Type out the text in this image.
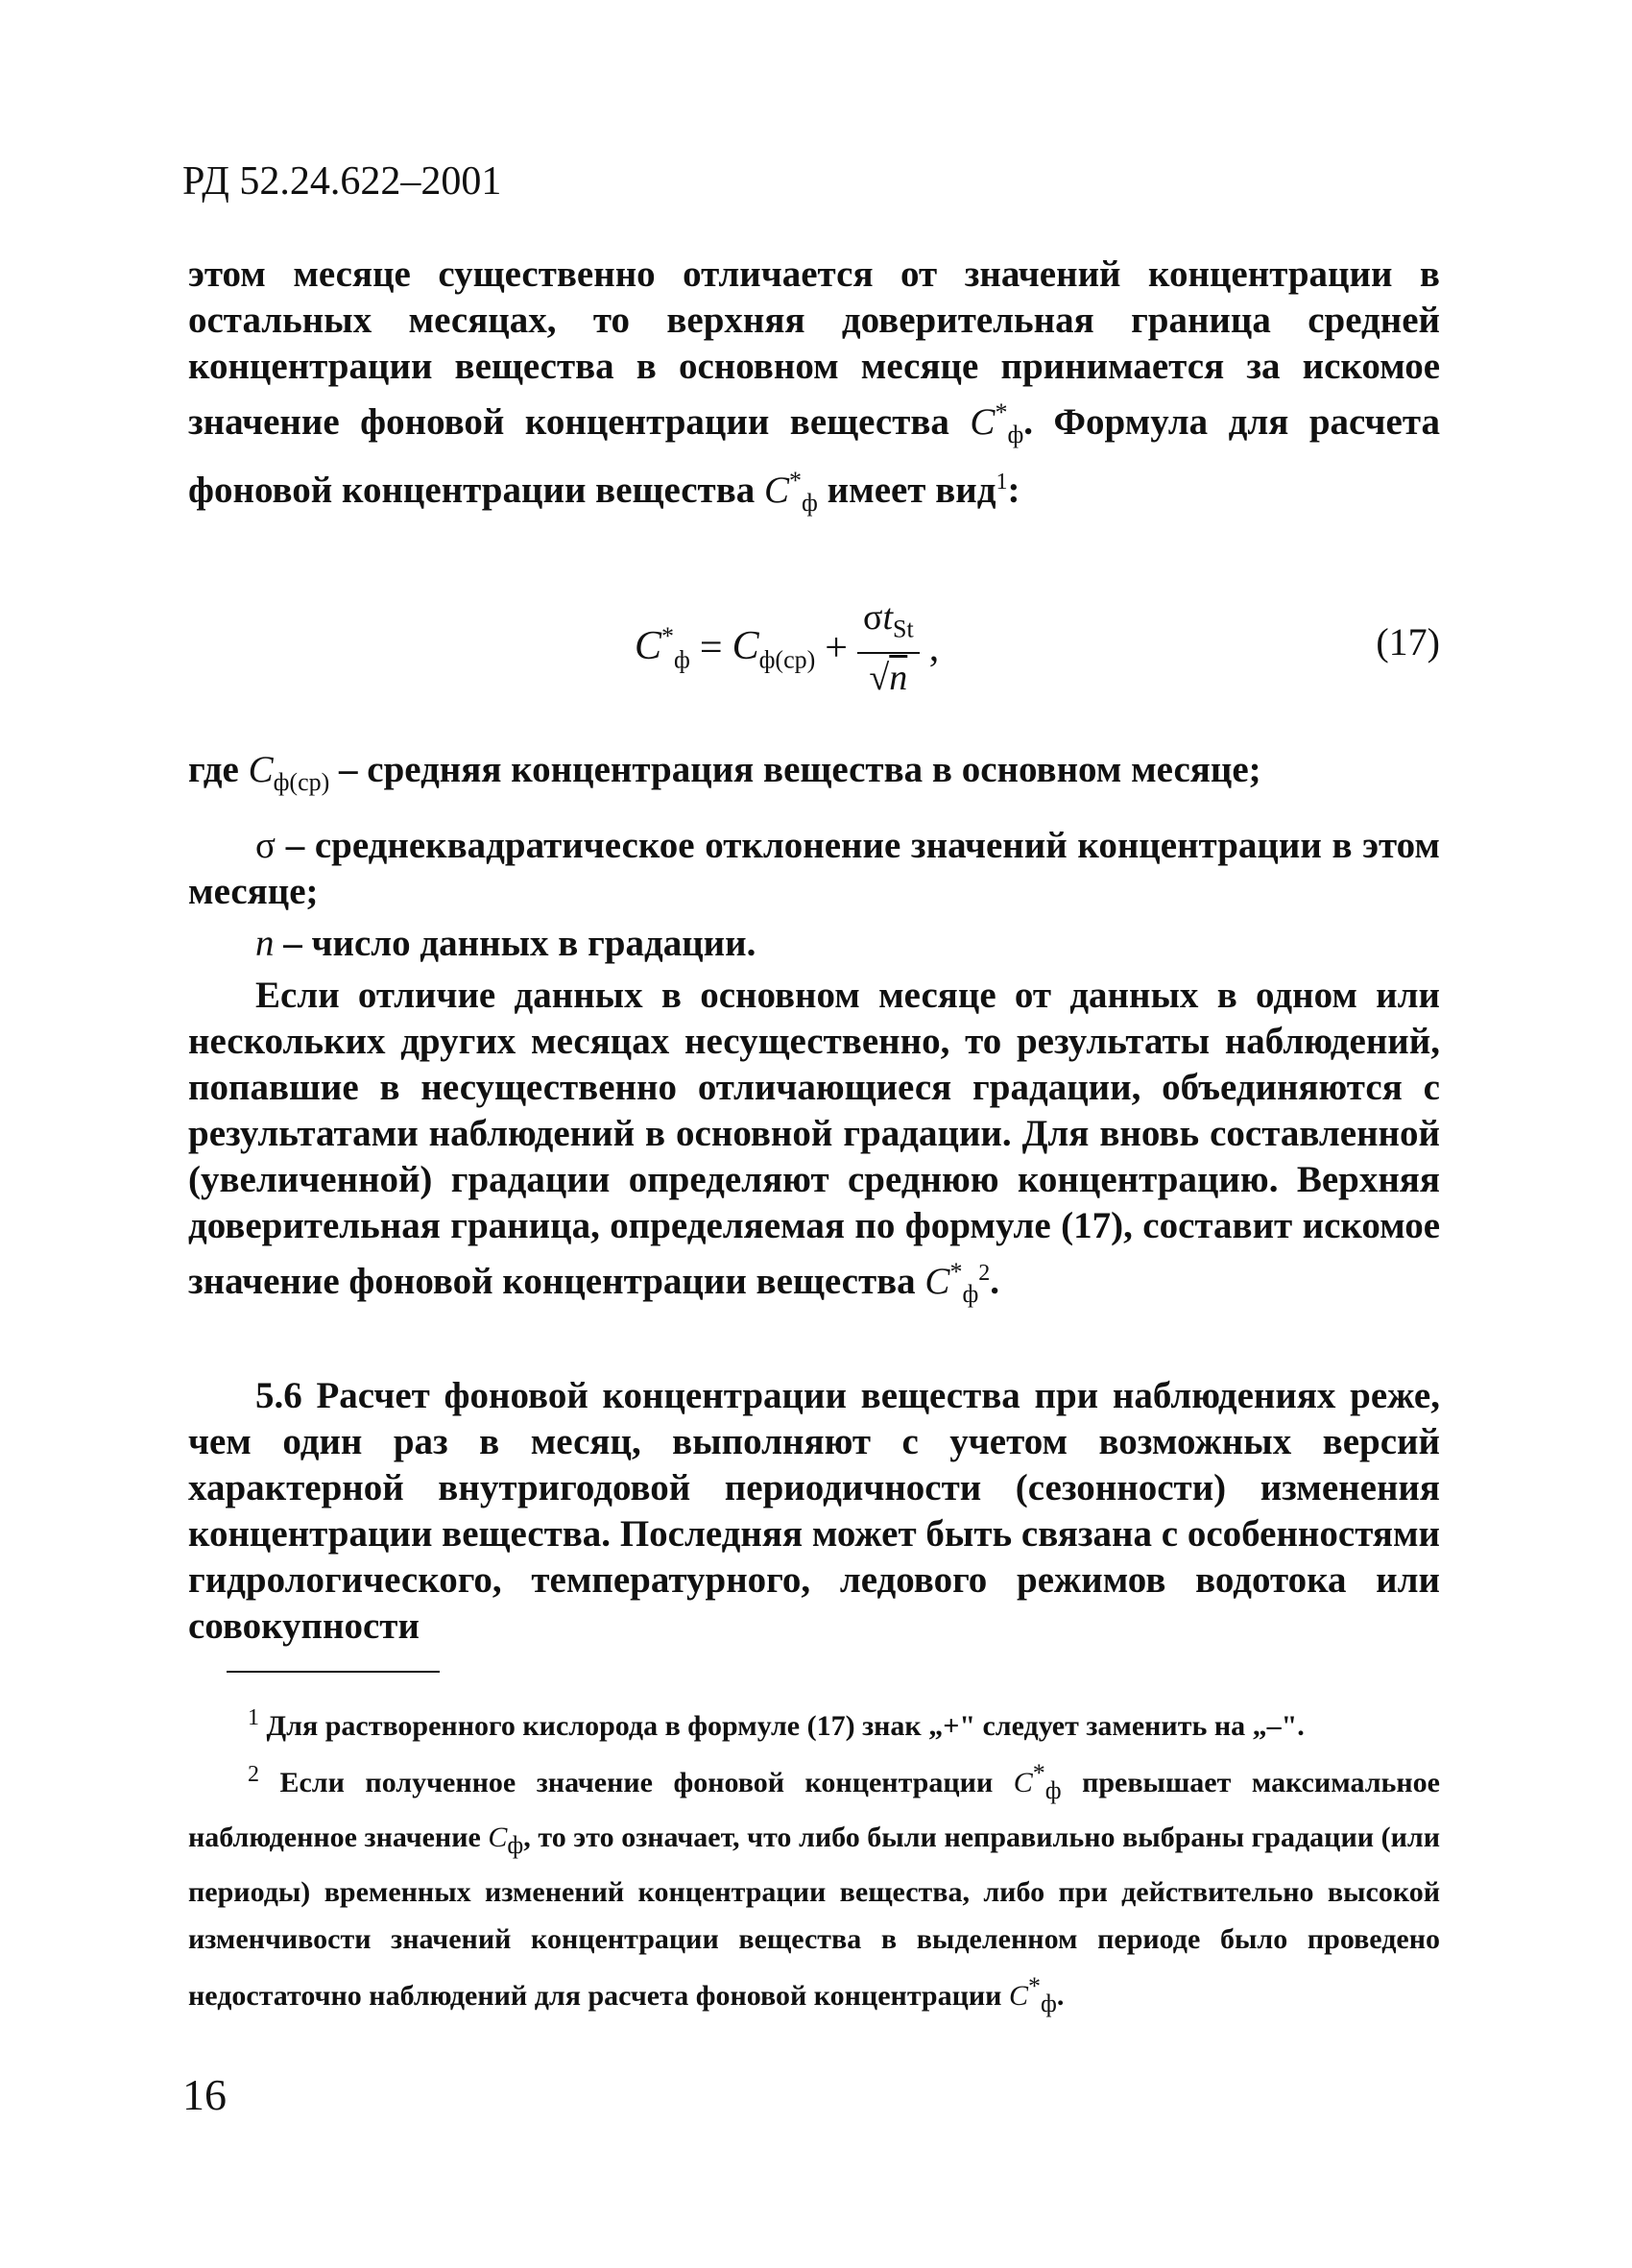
РД 52.24.622–2001

этом месяце существенно отличается от значений концентрации в остальных месяцах, то верхняя доверительная граница средней концентрации вещества в основном месяце принимается за искомое значение фоновой концентрации вещества $C^*_ф$. Формула для расчета фоновой концентрации вещества $C^*_ф$ имеет вид$^1$:

$C^*_ф = C_{ф(ср)} + \frac{\sigma t_{St}}{√n}$ ,	(17)

где $C_{ф(ср)}$ – средняя концентрация вещества в основном месяце;

σ – среднеквадратическое отклонение значений концентрации в этом месяце;

n – число данных в градации.

Если отличие данных в основном месяце от данных в одном или нескольких других месяцах несущественно, то результаты наблюдений, попавшие в несущественно отличающиеся градации, объединяются с результатами наблюдений в основной градации. Для вновь составленной (увеличенной) градации определяют среднюю концентрацию. Верхняя доверительная граница, определяемая по формуле (17), составит искомое значение фоновой концентрации вещества $C^*_ф^2$.

5.6 Расчет фоновой концентрации вещества при наблюдениях реже, чем один раз в месяц, выполняют с учетом возможных версий характерной внутригодовой периодичности (сезонности) изменения концентрации вещества. Последняя может быть связана с особенностями гидрологического, температурного, ледового режимов водотока или совокупности

$^1$ Для растворенного кислорода в формуле (17) знак „+" следует заменить на „–".

$^2$ Если полученное значение фоновой концентрации $C^*_ф$ превышает максимальное наблюденное значение $C_ф$, то это означает, что либо были неправильно выбраны градации (или периоды) временных изменений концентрации вещества, либо при действительно высокой изменчивости значений концентрации вещества в выделенном периоде было проведено недостаточно наблюдений для расчета фоновой концентрации $C^*_ф$.

16
